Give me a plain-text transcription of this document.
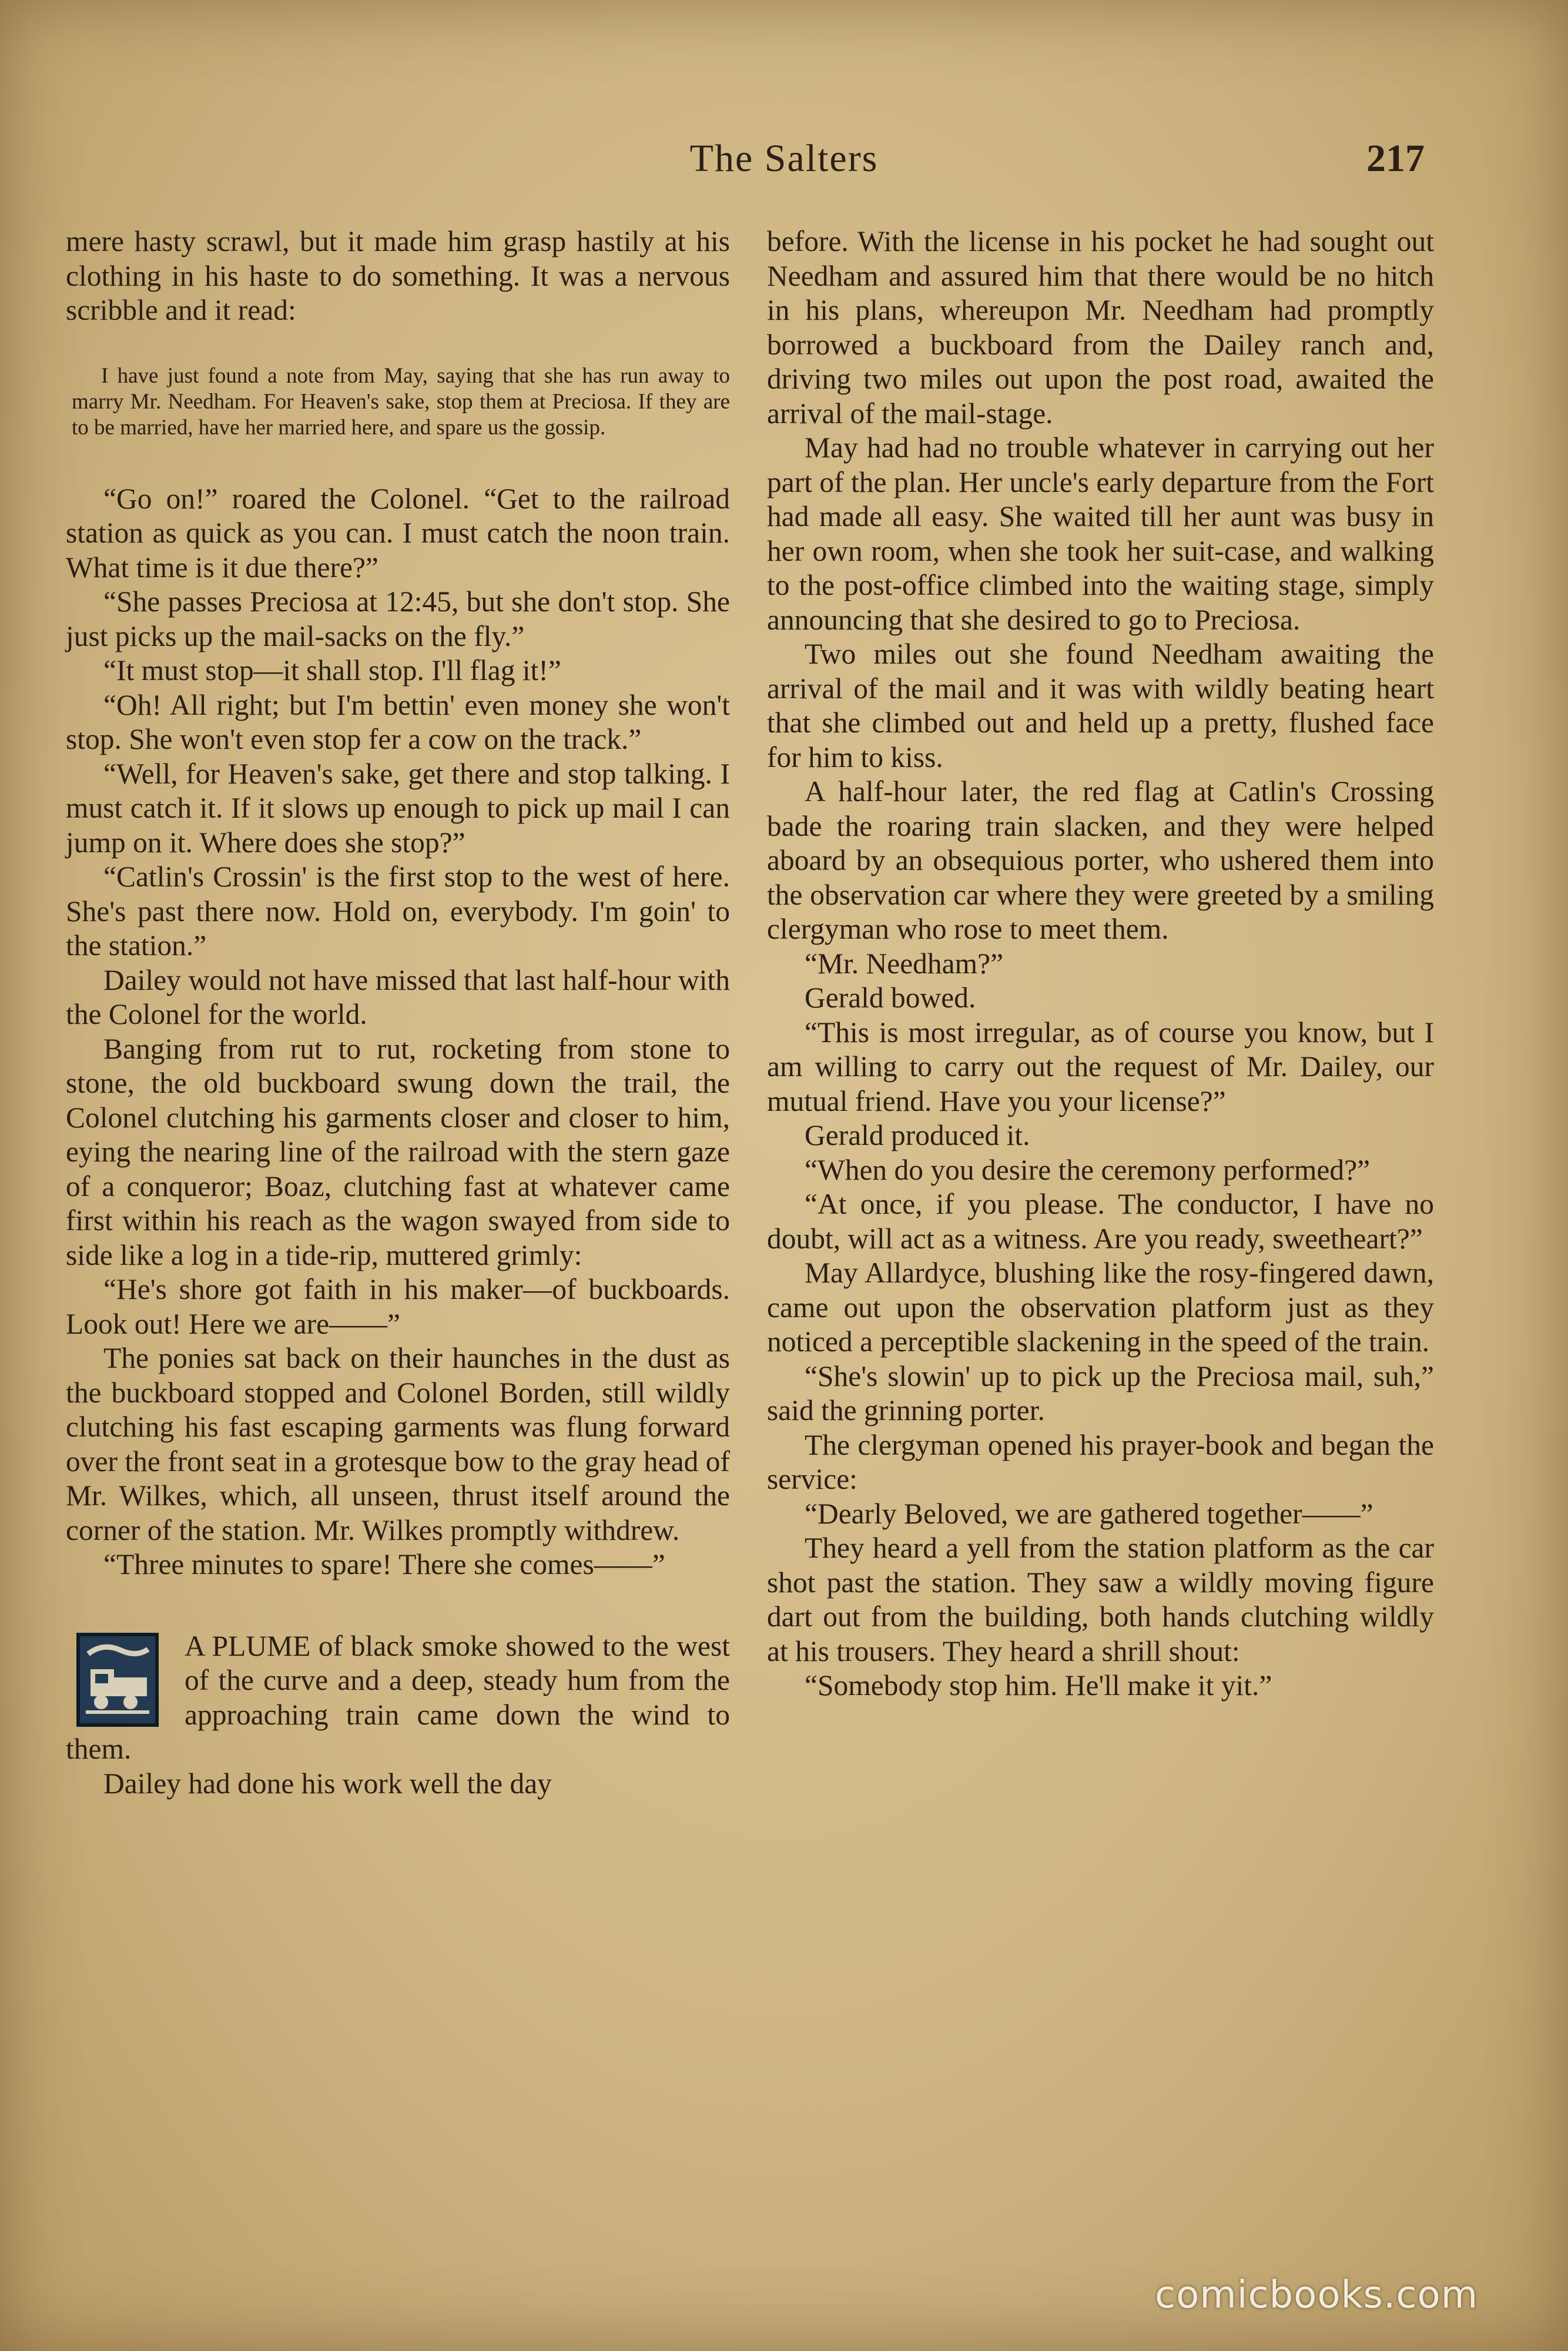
The Salters	217

mere hasty scrawl, but it made him grasp hastily at his clothing in his haste to do something. It was a nervous scribble and it read:

I have just found a note from May, saying that she has run away to marry Mr. Needham. For Heaven's sake, stop them at Preciosa. If they are to be married, have her married here, and spare us the gossip.

“Go on!” roared the Colonel. “Get to the railroad station as quick as you can. I must catch the noon train. What time is it due there?”

“She passes Preciosa at 12:45, but she don't stop. She just picks up the mail-sacks on the fly.”

“It must stop—it shall stop. I'll flag it!”

“Oh! All right; but I'm bettin' even money she won't stop. She won't even stop fer a cow on the track.”

“Well, for Heaven's sake, get there and stop talking. I must catch it. If it slows up enough to pick up mail I can jump on it. Where does she stop?”

“Catlin's Crossin' is the first stop to the west of here. She's past there now. Hold on, everybody. I'm goin' to the station.”

Dailey would not have missed that last half-hour with the Colonel for the world.

Banging from rut to rut, rocketing from stone to stone, the old buckboard swung down the trail, the Colonel clutching his garments closer and closer to him, eying the nearing line of the railroad with the stern gaze of a conqueror; Boaz, clutching fast at whatever came first within his reach as the wagon swayed from side to side like a log in a tide-rip, muttered grimly:

“He's shore got faith in his maker—of buckboards. Look out! Here we are——”

The ponies sat back on their haunches in the dust as the buckboard stopped and Colonel Borden, still wildly clutching his fast escaping garments was flung forward over the front seat in a grotesque bow to the gray head of Mr. Wilkes, which, all unseen, thrust itself around the corner of the station. Mr. Wilkes promptly withdrew.

“Three minutes to spare! There she comes——”

A PLUME of black smoke showed to the west of the curve and a deep, steady hum from the approaching train came down the wind to them.

Dailey had done his work well the day

before. With the license in his pocket he had sought out Needham and assured him that there would be no hitch in his plans, whereupon Mr. Needham had promptly borrowed a buckboard from the Dailey ranch and, driving two miles out upon the post road, awaited the arrival of the mail-stage.

May had had no trouble whatever in carrying out her part of the plan. Her uncle's early departure from the Fort had made all easy. She waited till her aunt was busy in her own room, when she took her suit-case, and walking to the post-office climbed into the waiting stage, simply announcing that she desired to go to Preciosa.

Two miles out she found Needham awaiting the arrival of the mail and it was with wildly beating heart that she climbed out and held up a pretty, flushed face for him to kiss.

A half-hour later, the red flag at Catlin's Crossing bade the roaring train slacken, and they were helped aboard by an obsequious porter, who ushered them into the observation car where they were greeted by a smiling clergyman who rose to meet them.

“Mr. Needham?”

Gerald bowed.

“This is most irregular, as of course you know, but I am willing to carry out the request of Mr. Dailey, our mutual friend. Have you your license?”

Gerald produced it.

“When do you desire the ceremony performed?”

“At once, if you please. The conductor, I have no doubt, will act as a witness. Are you ready, sweetheart?”

May Allardyce, blushing like the rosy-fingered dawn, came out upon the observation platform just as they noticed a perceptible slackening in the speed of the train.

“She's slowin' up to pick up the Preciosa mail, suh,” said the grinning porter.

The clergyman opened his prayer-book and began the service:

“Dearly Beloved, we are gathered together——”

They heard a yell from the station platform as the car shot past the station. They saw a wildly moving figure dart out from the building, both hands clutching wildly at his trousers. They heard a shrill shout:

“Somebody stop him. He'll make it yit.”

comicbooks.com
